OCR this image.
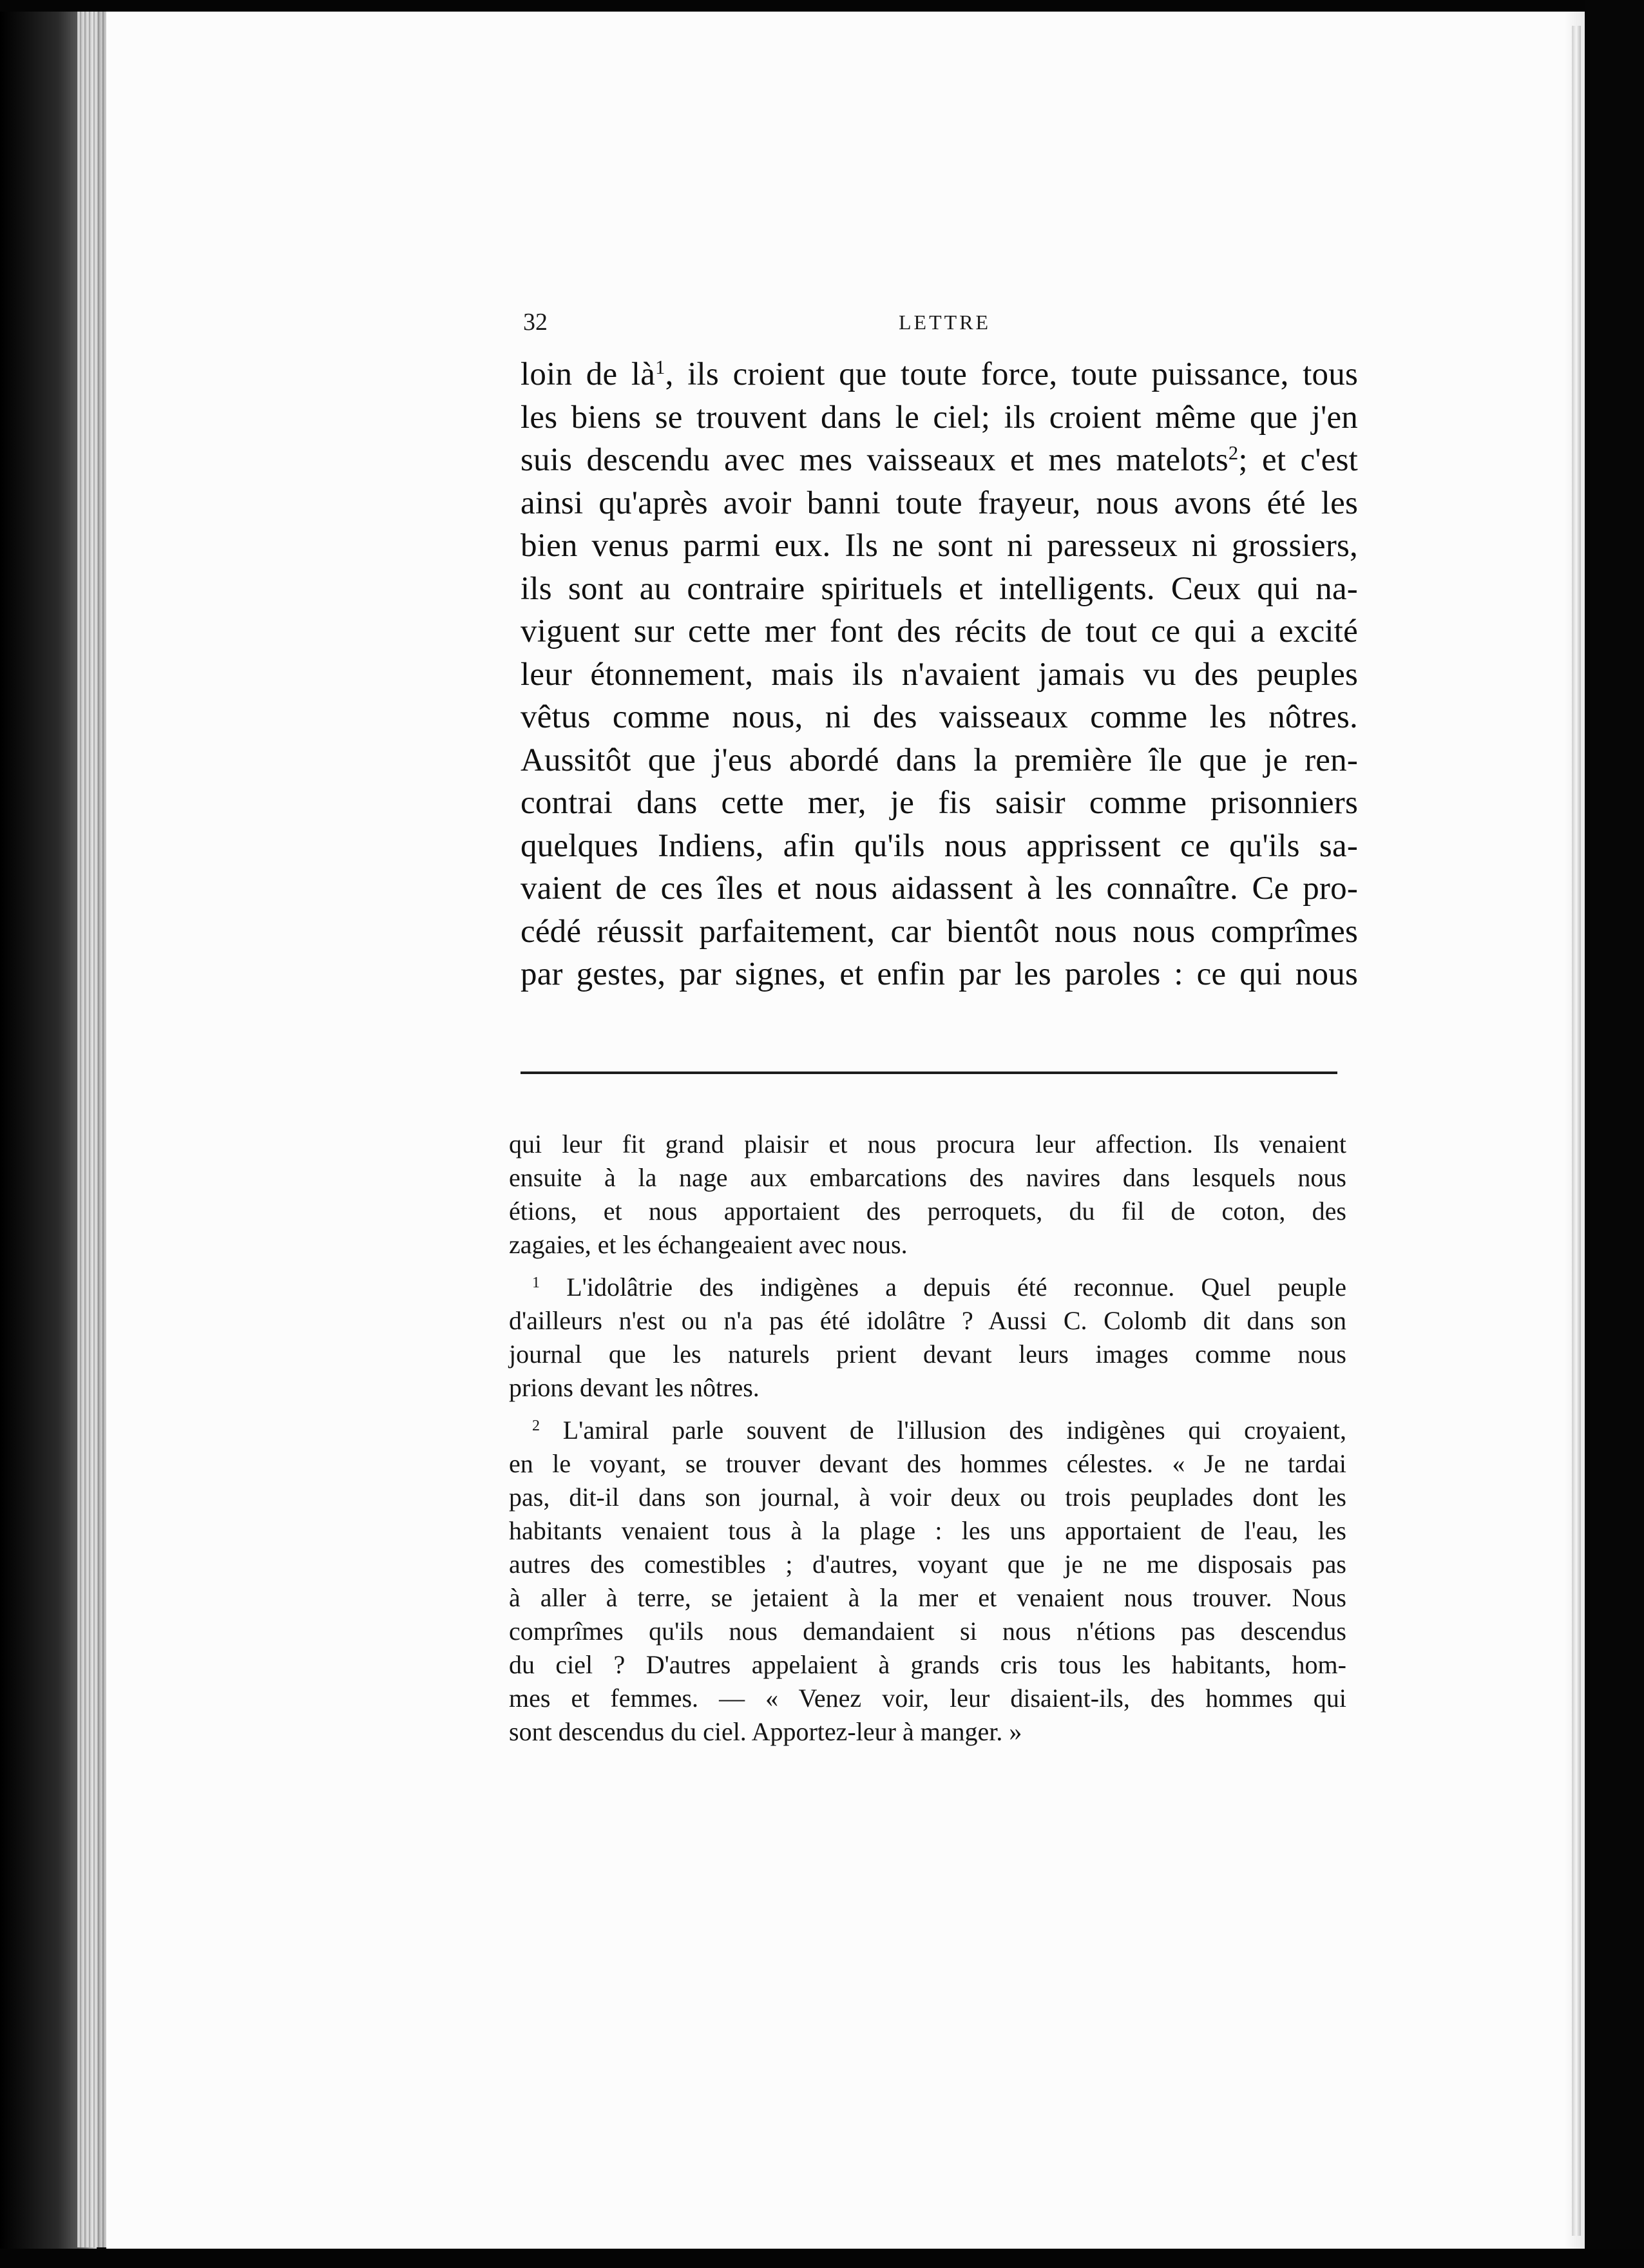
32	LETTRE
loin de $là^1$, ils croient que toute force, toute puissance, tous
les biens se trouvent dans le ciel; ils croient même que j'en
suis descendu avec mes vaisseaux et mes matelots$^2$; et c'est
ainsi qu'après avoir banni toute frayeur, nous avons été les
bien venus parmi eux. Ils ne sont ni paresseux ni grossiers,
ils sont au contraire spirituels et intelligents. Ceux qui na-
viguent sur cette mer font des récits de tout ce qui a excité
leur étonnement, mais ils n'avaient jamais vu des peuples
vêtus comme nous, ni des vaisseaux comme les nôtres.
Aussitôt que j'eus abordé dans la première île que je ren-
contrai dans cette mer, je fis saisir comme prisonniers
quelques Indiens, afin qu'ils nous apprissent ce qu'ils sa-
vaient de ces îles et nous aidassent à les connaître. Ce pro-
cédé réussit parfaitement, car bientôt nous nous comprîmes
par gestes, par signes, et enfin par les paroles : ce qui nous
qui leur fit grand plaisir et nous procura leur affection. Ils venaient
ensuite à la nage aux embarcations des navires dans lesquels nous
étions, et nous apportaient des perroquets, du fil de coton, des
zagaies, et les échangeaient avec nous.
$^1$ L'idolâtrie des indigènes a depuis été reconnue. Quel peuple
d'ailleurs n'est ou n'a pas été idolâtre ? Aussi C. Colomb dit dans son
journal que les naturels prient devant leurs images comme nous
prions devant les nôtres.
$^2$ L'amiral parle souvent de l'illusion des indigènes qui croyaient,
en le voyant, se trouver devant des hommes célestes. « Je ne tardai
pas, dit-il dans son journal, à voir deux ou trois peuplades dont les
habitants venaient tous à la plage : les uns apportaient de l'eau, les
autres des comestibles ; d'autres, voyant que je ne me disposais pas
à aller à terre, se jetaient à la mer et venaient nous trouver. Nous
comprîmes qu'ils nous demandaient si nous n'étions pas descendus
du ciel ? D'autres appelaient à grands cris tous les habitants, hom-
mes et femmes. — « Venez voir, leur disaient-ils, des hommes qui
sont descendus du ciel. Apportez-leur à manger. »
